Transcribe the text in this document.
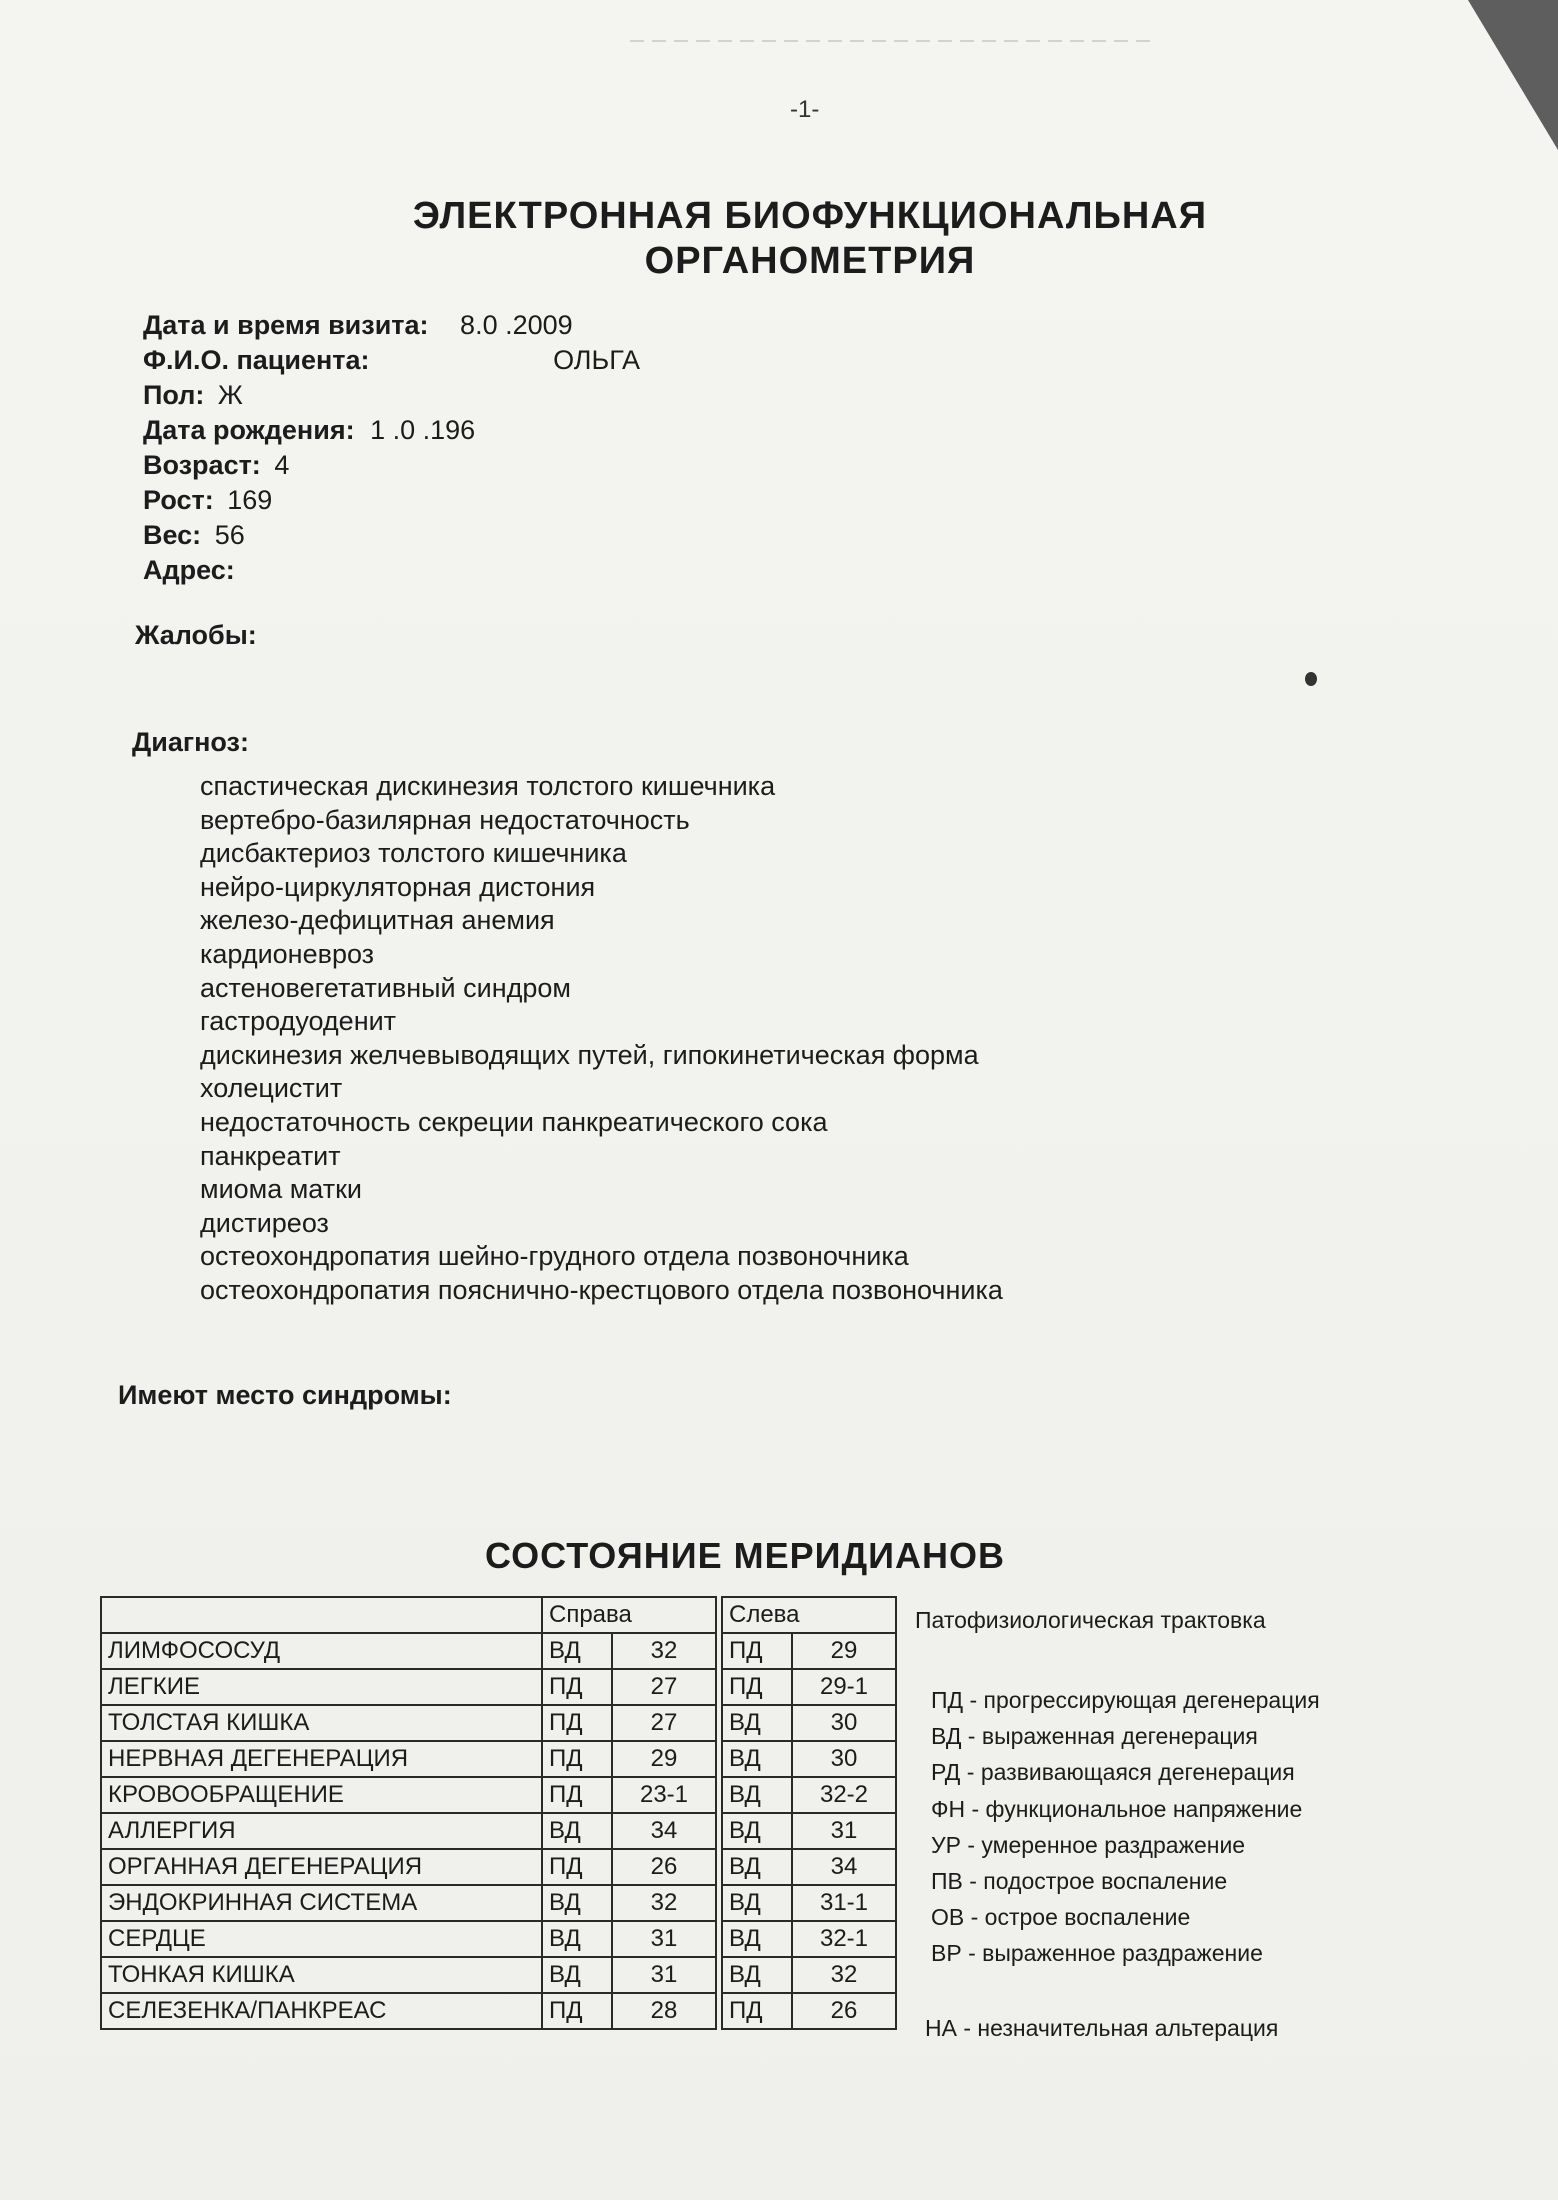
-1-
ЭЛЕКТРОННАЯ БИОФУНКЦИОНАЛЬНАЯ
ОРГАНОМЕТРИЯ
Дата и время визита: 8.0 .2009
Ф.И.О. пациента:	ОЛЬГА
Пол: Ж
Дата рождения: 1 .0 .196
Возраст: 4
Рост: 169
Вес: 56
Адрес:
Жалобы:
Диагноз:
спастическая дискинезия толстого кишечника
вертебро-базилярная недостаточность
дисбактериоз толстого кишечника
нейро-циркуляторная дистония
железо-дефицитная анемия
кардионевроз
астеновегетативный синдром
гастродуоденит
дискинезия желчевыводящих путей, гипокинетическая форма
холецистит
недостаточность секреции панкреатического сока
панкреатит
миома матки
дистиреоз
остеохондропатия шейно-грудного отдела позвоночника
остеохондропатия пояснично-крестцового отдела позвоночника
Имеют место синдромы:
СОСТОЯНИЕ МЕРИДИАНОВ
	Справа			Слева	
ЛИМФОСОСУД	ВД	32		ПД	29
ЛЕГКИЕ	ПД	27		ПД	29-1
ТОЛСТАЯ КИШКА	ПД	27		ВД	30
НЕРВНАЯ ДЕГЕНЕРАЦИЯ	ПД	29		ВД	30
КРОВООБРАЩЕНИЕ	ПД	23-1		ВД	32-2
АЛЛЕРГИЯ	ВД	34		ВД	31
ОРГАННАЯ ДЕГЕНЕРАЦИЯ	ПД	26		ВД	34
ЭНДОКРИННАЯ СИСТЕМА	ВД	32		ВД	31-1
СЕРДЦЕ	ВД	31		ВД	32-1
ТОНКАЯ КИШКА	ВД	31		ВД	32
СЕЛЕЗЕНКА/ПАНКРЕАС	ПД	28		ПД	26
Патофизиологическая трактовка
ПД - прогрессирующая дегенерация
ВД - выраженная дегенерация
РД - развивающаяся дегенерация
ФН - функциональное напряжение
УР - умеренное раздражение
ПВ - подострое воспаление
ОВ - острое воспаление
ВР - выраженное раздражение
НА - незначительная альтерация
